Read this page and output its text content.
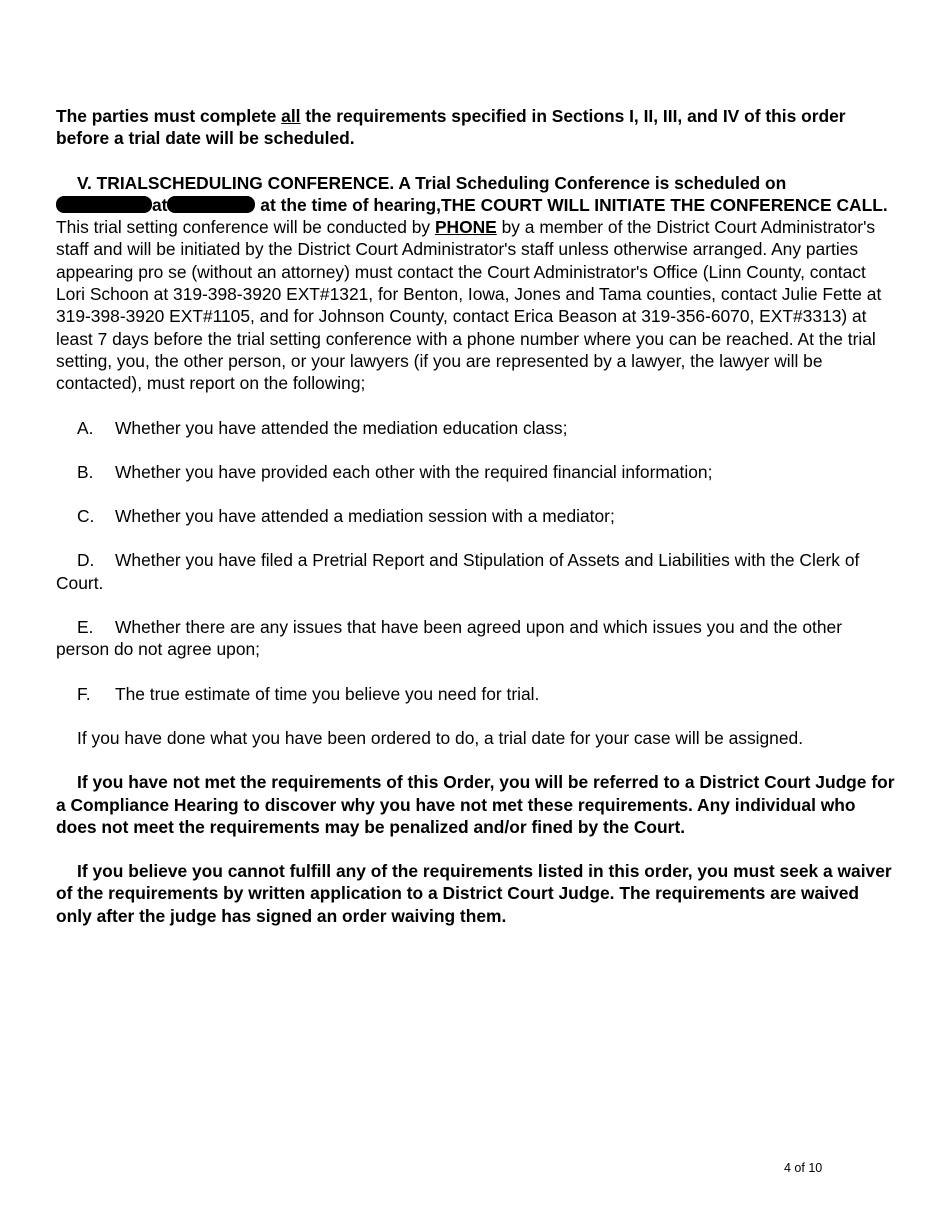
The parties must complete all the requirements specified in Sections I, II, III, and IV of this order before a trial date will be scheduled.

V. TRIALSCHEDULING CONFERENCE. A Trial Scheduling Conference is scheduled on
at	at the time of hearing,THE COURT WILL INITIATE THE CONFERENCE CALL. This trial setting conference will be conducted by PHONE by a member of the District Court Administrator's staff and will be initiated by the District Court Administrator's staff unless otherwise arranged. Any parties appearing pro se (without an attorney) must contact the Court Administrator's Office (Linn County, contact Lori Schoon at 319-398-3920 EXT#1321, for Benton, Iowa, Jones and Tama counties, contact Julie Fette at 319-398-3920 EXT#1105, and for Johnson County, contact Erica Beason at 319-356-6070, EXT#3313) at least 7 days before the trial setting conference with a phone number where you can be reached. At the trial setting, you, the other person, or your lawyers (if you are represented by a lawyer, the lawyer will be contacted), must report on the following;

A. Whether you have attended the mediation education class;

B. Whether you have provided each other with the required financial information;

C. Whether you have attended a mediation session with a mediator;

D. Whether you have filed a Pretrial Report and Stipulation of Assets and Liabilities with the Clerk of Court.

E. Whether there are any issues that have been agreed upon and which issues you and the other person do not agree upon;

F. The true estimate of time you believe you need for trial.

If you have done what you have been ordered to do, a trial date for your case will be assigned.

If you have not met the requirements of this Order, you will be referred to a District Court Judge for a Compliance Hearing to discover why you have not met these requirements. Any individual who does not meet the requirements may be penalized and/or fined by the Court.

If you believe you cannot fulfill any of the requirements listed in this order, you must seek a waiver of the requirements by written application to a District Court Judge. The requirements are waived only after the judge has signed an order waiving them.

4 of 10
